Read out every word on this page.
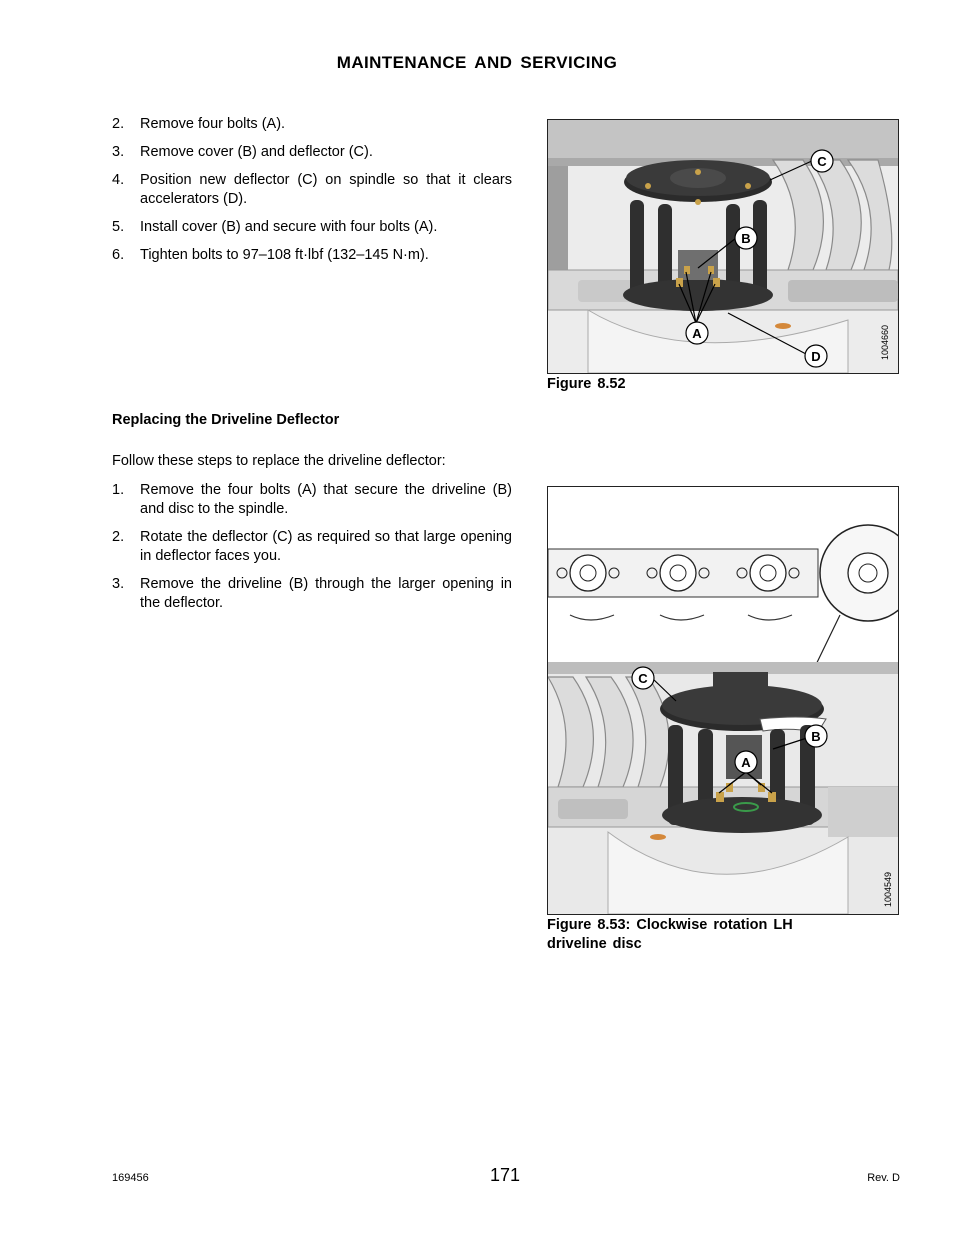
MAINTENANCE AND SERVICING
2. Remove four bolts (A).
3. Remove cover (B) and deflector (C).
4. Position new deflector (C) on spindle so that it clears accelerators (D).
5. Install cover (B) and secure with four bolts (A).
6. Tighten bolts to 97–108 ft·lbf (132–145 N·m).
C
B
A
D	1004660
Figure 8.52
Replacing the Driveline Deflector
Follow these steps to replace the driveline deflector:
1. Remove the four bolts (A) that secure the driveline (B) and disc to the spindle.
2. Rotate the deflector (C) as required so that large opening in deflector faces you.
3. Remove the driveline (B) through the larger opening in the deflector.
C
B
A
1004549
Figure 8.53: Clockwise rotation LH driveline disc
169456	171	Rev. D
